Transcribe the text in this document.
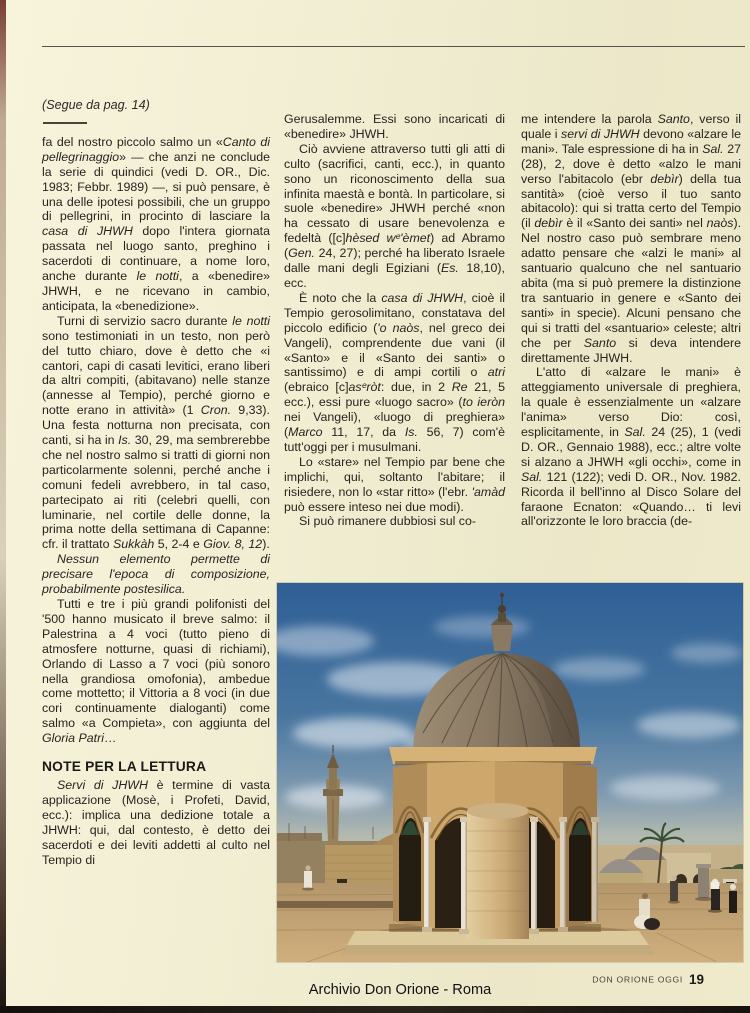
(Segue da pag. 14)

fa del nostro piccolo salmo un «Canto di pellegrinaggio» — che anzi ne conclude la serie di quindici (vedi D. OR., Dic. 1983; Febbr. 1989) —, si può pensare, è una delle ipotesi possibili, che un gruppo di pellegrini, in procinto di lasciare la casa di JHWH dopo l'intera giornata passata nel luogo santo, preghino i sacerdoti di continuare, a nome loro, anche durante le notti, a «benedire» JHWH, e ne ricevano in cambio, anticipata, la «benedizione».

Turni di servizio sacro durante le notti sono testimoniati in un testo, non però del tutto chiaro, dove è detto che «i cantori, capi di casati levitici, erano liberi da altri compiti, (abitavano) nelle stanze (annesse al Tempio), perché giorno e notte erano in attività» (1 Cron. 9,33). Una festa notturna non precisata, con canti, si ha in Is. 30, 29, ma sembrerebbe che nel nostro salmo si tratti di giorni non particolarmente solenni, perché anche i comuni fedeli avrebbero, in tal caso, partecipato ai riti (celebri quelli, con luminarie, nel cortile delle donne, la prima notte della settimana di Capanne: cfr. il trattato Sukkàh 5, 2-4 e Giov. 8, 12).

Nessun elemento permette di precisare l'epoca di composizione, probabilmente postesilica.

Tutti e tre i più grandi polifonisti del '500 hanno musicato il breve salmo: il Palestrina a 4 voci (tutto pieno di atmosfere notturne, quasi di richiami), Orlando di Lasso a 7 voci (più sonoro nella grandiosa omofonia), ambedue come mottetto; il Vittoria a 8 voci (in due cori continuamente dialoganti) come salmo «a Compieta», con aggiunta del Gloria Patri…

NOTE PER LA LETTURA

Servi di JHWH è termine di vasta applicazione (Mosè, i Profeti, David, ecc.): implica una dedizione totale a JHWH: qui, dal contesto, è detto dei sacerdoti e dei leviti addetti al culto nel Tempio di

Gerusalemme. Essi sono incaricati di «benedire» JHWH.

Ciò avviene attraverso tutti gli atti di culto (sacrifici, canti, ecc.), in quanto sono un riconoscimento della sua infinita maestà e bontà. In particolare, si suole «benedire» JHWH perché «non ha cessato di usare benevolenza e fedeltà ([c]hèsed wᵉ'èmet) ad Abramo (Gen. 24, 27); perché ha liberato Israele dalle mani degli Egiziani (Es. 18,10), ecc.

È noto che la casa di JHWH, cioè il Tempio gerosolimitano, constatava del piccolo edificio ('o naòs, nel greco dei Vangeli), comprendente due vani (il «Santo» e il «Santo dei santi» o santissimo) e di ampi cortili o atri (ebraico [c]asᵉròt: due, in 2 Re 21, 5 ecc.), essi pure «luogo sacro» (to ieròn nei Vangeli), «luogo di preghiera» (Marco 11, 17, da Is. 56, 7) com'è tutt'oggi per i musulmani.

Lo «stare» nel Tempio par bene che implichi, qui, soltanto l'abitare; il risiedere, non lo «star ritto» (l'ebr. 'amàd può essere inteso nei due modi).

Si può rimanere dubbiosi sul co-

me intendere la parola Santo, verso il quale i servi di JHWH devono «alzare le mani». Tale espressione di ha in Sal. 27 (28), 2, dove è detto «alzo le mani verso l'abitacolo (ebr debìr) della tua santità» (cioè verso il tuo santo abitacolo): qui si tratta certo del Tempio (il debìr è il «Santo dei santi» nel naòs). Nel nostro caso può sembrare meno adatto pensare che «alzi le mani» al santuario qualcuno che nel santuario abita (ma si può premere la distinzione tra santuario in genere e «Santo dei santi» in specie). Alcuni pensano che qui si tratti del «santuario» celeste; altri che per Santo si deva intendere direttamente JHWH.

L'atto di «alzare le mani» è atteggiamento universale di preghiera, la quale è essenzialmente un «alzare l'anima» verso Dio: così, esplicitamente, in Sal. 24 (25), 1 (vedi D. OR., Gennaio 1988), ecc.; altre volte si alzano a JHWH «gli occhi», come in Sal. 121 (122); vedi D. OR., Nov. 1982. Ricorda il bell'inno al Disco Solare del faraone Ecnaton: «Quando… ti levi all'orizzonte le loro braccia (de-

DON ORIONE OGGI 19
Archivio Don Orione - Roma
